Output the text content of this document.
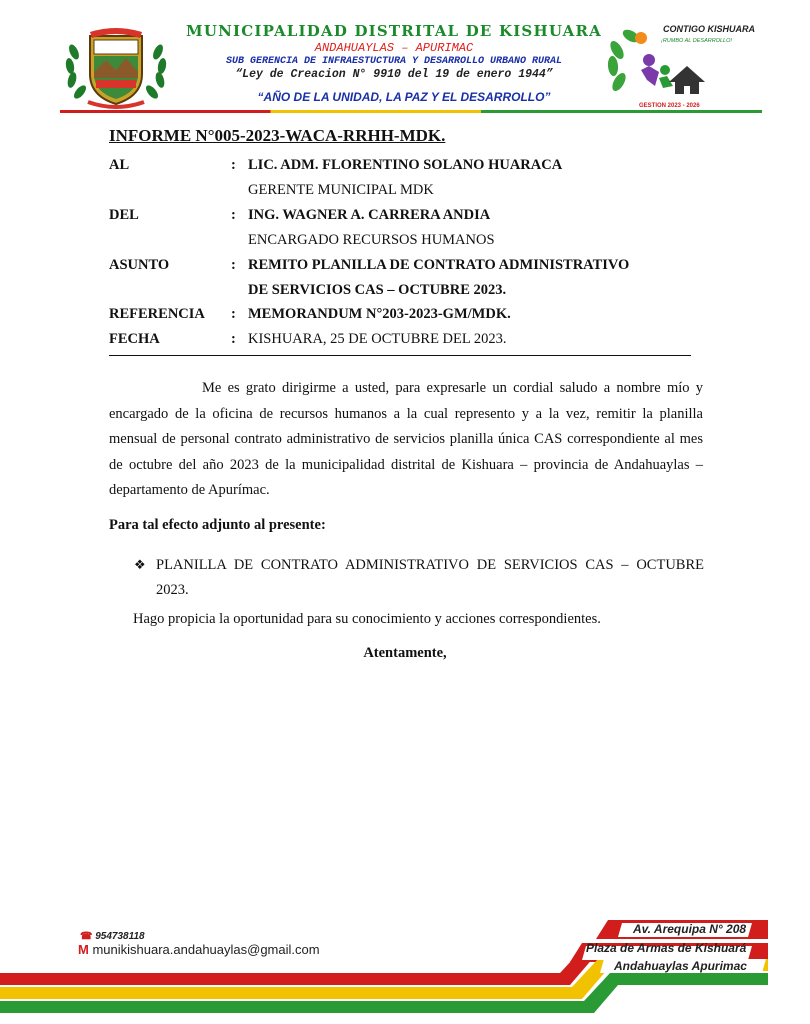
MUNICIPALIDAD DISTRITAL DE KISHUARA
ANDAHUAYLAS – APURIMAC
SUB GERENCIA DE INFRAESTUCTURA Y DESARROLLO URBANO RURAL
“Ley de Creacion N° 9910 del 19 de enero 1944”
“AÑO DE LA UNIDAD, LA PAZ Y EL DESARROLLO”
CONTIGO KISHUARA
¡RUMBO AL DESARROLLO!
GESTION 2023 - 2026
INFORME N°005-2023-WACA-RRHH-MDK.
AL	: LIC. ADM. FLORENTINO SOLANO HUARACA
GERENTE MUNICIPAL MDK
DEL	: ING. WAGNER A. CARRERA ANDIA
ENCARGADO RECURSOS HUMANOS
ASUNTO	: REMITO PLANILLA DE CONTRATO ADMINISTRATIVO
DE SERVICIOS CAS – OCTUBRE 2023.
REFERENCIA : MEMORANDUM N°203-2023-GM/MDK.
FECHA	: KISHUARA, 25 DE OCTUBRE DEL 2023.

Me es grato dirigirme a usted, para expresarle un cordial saludo a nombre mío y encargado de la oficina de recursos humanos a la cual represento y a la vez, remitir la planilla mensual de personal contrato administrativo de servicios planilla única CAS correspondiente al mes de octubre del año 2023 de la municipalidad distrital de Kishuara – provincia de Andahuaylas – departamento de Apurímac.

Para tal efecto adjunto al presente:
❖ PLANILLA DE CONTRATO ADMINISTRATIVO DE SERVICIOS CAS – OCTUBRE 2023.
Hago propicia la oportunidad para su conocimiento y acciones correspondientes.
Atentamente,
Av. Arequipa N° 208
Plaza de Armas de Kishuará
Andahuaylas Apurimac
☎ 954738118
M munikishuara.andahuaylas@gmail.com
